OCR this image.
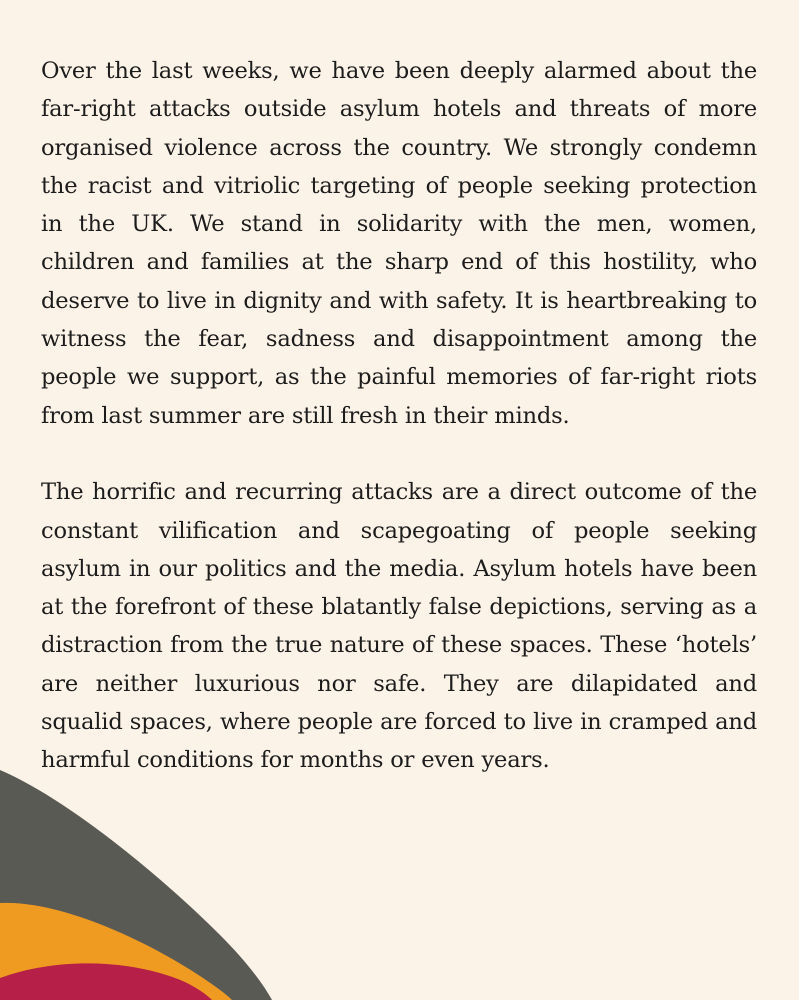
Over the last weeks, we have been deeply alarmed about the far-right attacks outside asylum hotels and threats of more organised violence across the country. We strongly condemn the racist and vitriolic targeting of people seeking protection in the UK. We stand in solidarity with the men, women, children and families at the sharp end of this hostility, who deserve to live in dignity and with safety. It is heartbreaking to witness the fear, sadness and disappointment among the people we support, as the painful memories of far-right riots from last summer are still fresh in their minds.

The horrific and recurring attacks are a direct outcome of the constant vilification and scapegoating of people seeking asylum in our politics and the media. Asylum hotels have been at the forefront of these blatantly false depictions, serving as a distraction from the true nature of these spaces. These ‘hotels’ are neither luxurious nor safe. They are dilapidated and squalid spaces, where people are forced to live in cramped and harmful conditions for months or even years.
